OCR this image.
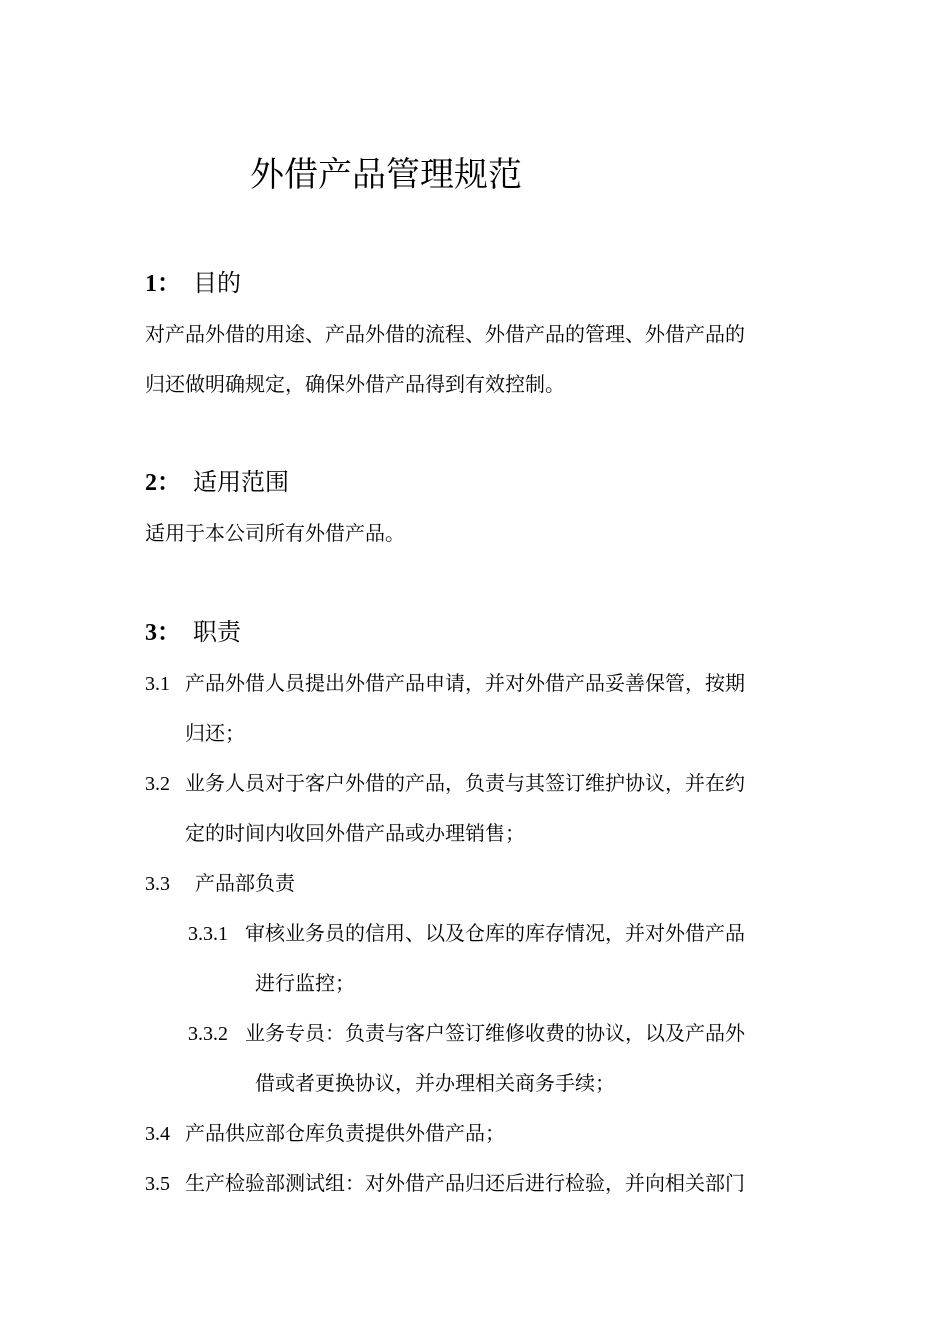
外借产品管理规范
1： 目的
对产品外借的用途、产品外借的流程、外借产品的管理、外借产品的
归还做明确规定，确保外借产品得到有效控制。
2： 适用范围
适用于本公司所有外借产品。
3： 职责
3.1 产品外借人员提出外借产品申请，并对外借产品妥善保管，按期
归还；
3.2 业务人员对于客户外借的产品，负责与其签订维护协议，并在约
定的时间内收回外借产品或办理销售；
3.3 产品部负责
3.3.1 审核业务员的信用、以及仓库的库存情况，并对外借产品
进行监控；
3.3.2 业务专员：负责与客户签订维修收费的协议，以及产品外
借或者更换协议，并办理相关商务手续；
3.4 产品供应部仓库负责提供外借产品；
3.5 生产检验部测试组：对外借产品归还后进行检验，并向相关部门
